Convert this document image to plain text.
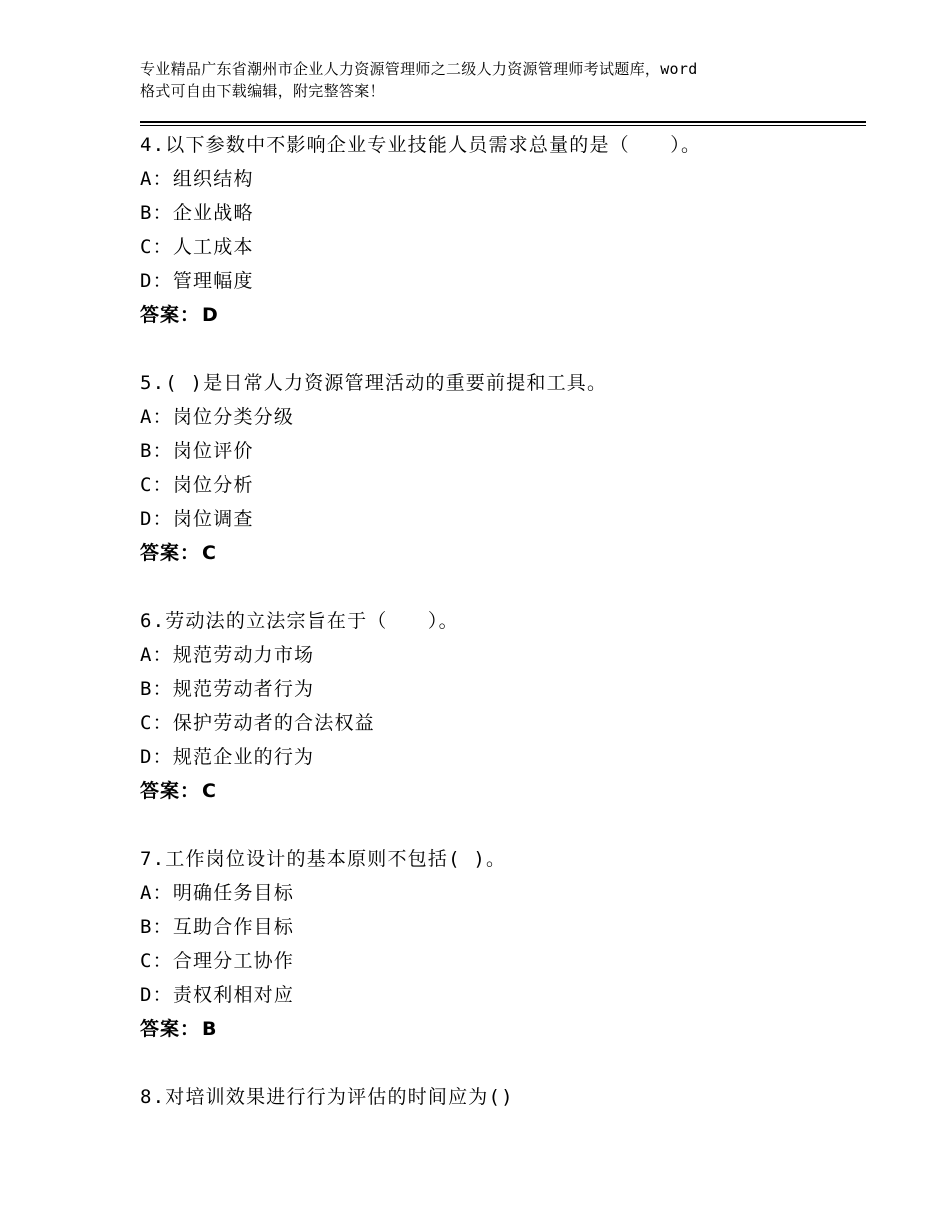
专业精品广东省潮州市企业人力资源管理师之二级人力资源管理师考试题库，word
格式可自由下载编辑，附完整答案！
4.以下参数中不影响企业专业技能人员需求总量的是（　　）。
A：组织结构
B：企业战略
C：人工成本
D：管理幅度
答案： D
5.( )是日常人力资源管理活动的重要前提和工具。
A：岗位分类分级
B：岗位评价
C：岗位分析
D：岗位调查
答案： C
6.劳动法的立法宗旨在于（　　）。
A：规范劳动力市场
B：规范劳动者行为
C：保护劳动者的合法权益
D：规范企业的行为
答案： C
7.工作岗位设计的基本原则不包括( )。
A：明确任务目标
B：互助合作目标
C：合理分工协作
D：责权利相对应
答案： B
8.对培训效果进行行为评估的时间应为()
